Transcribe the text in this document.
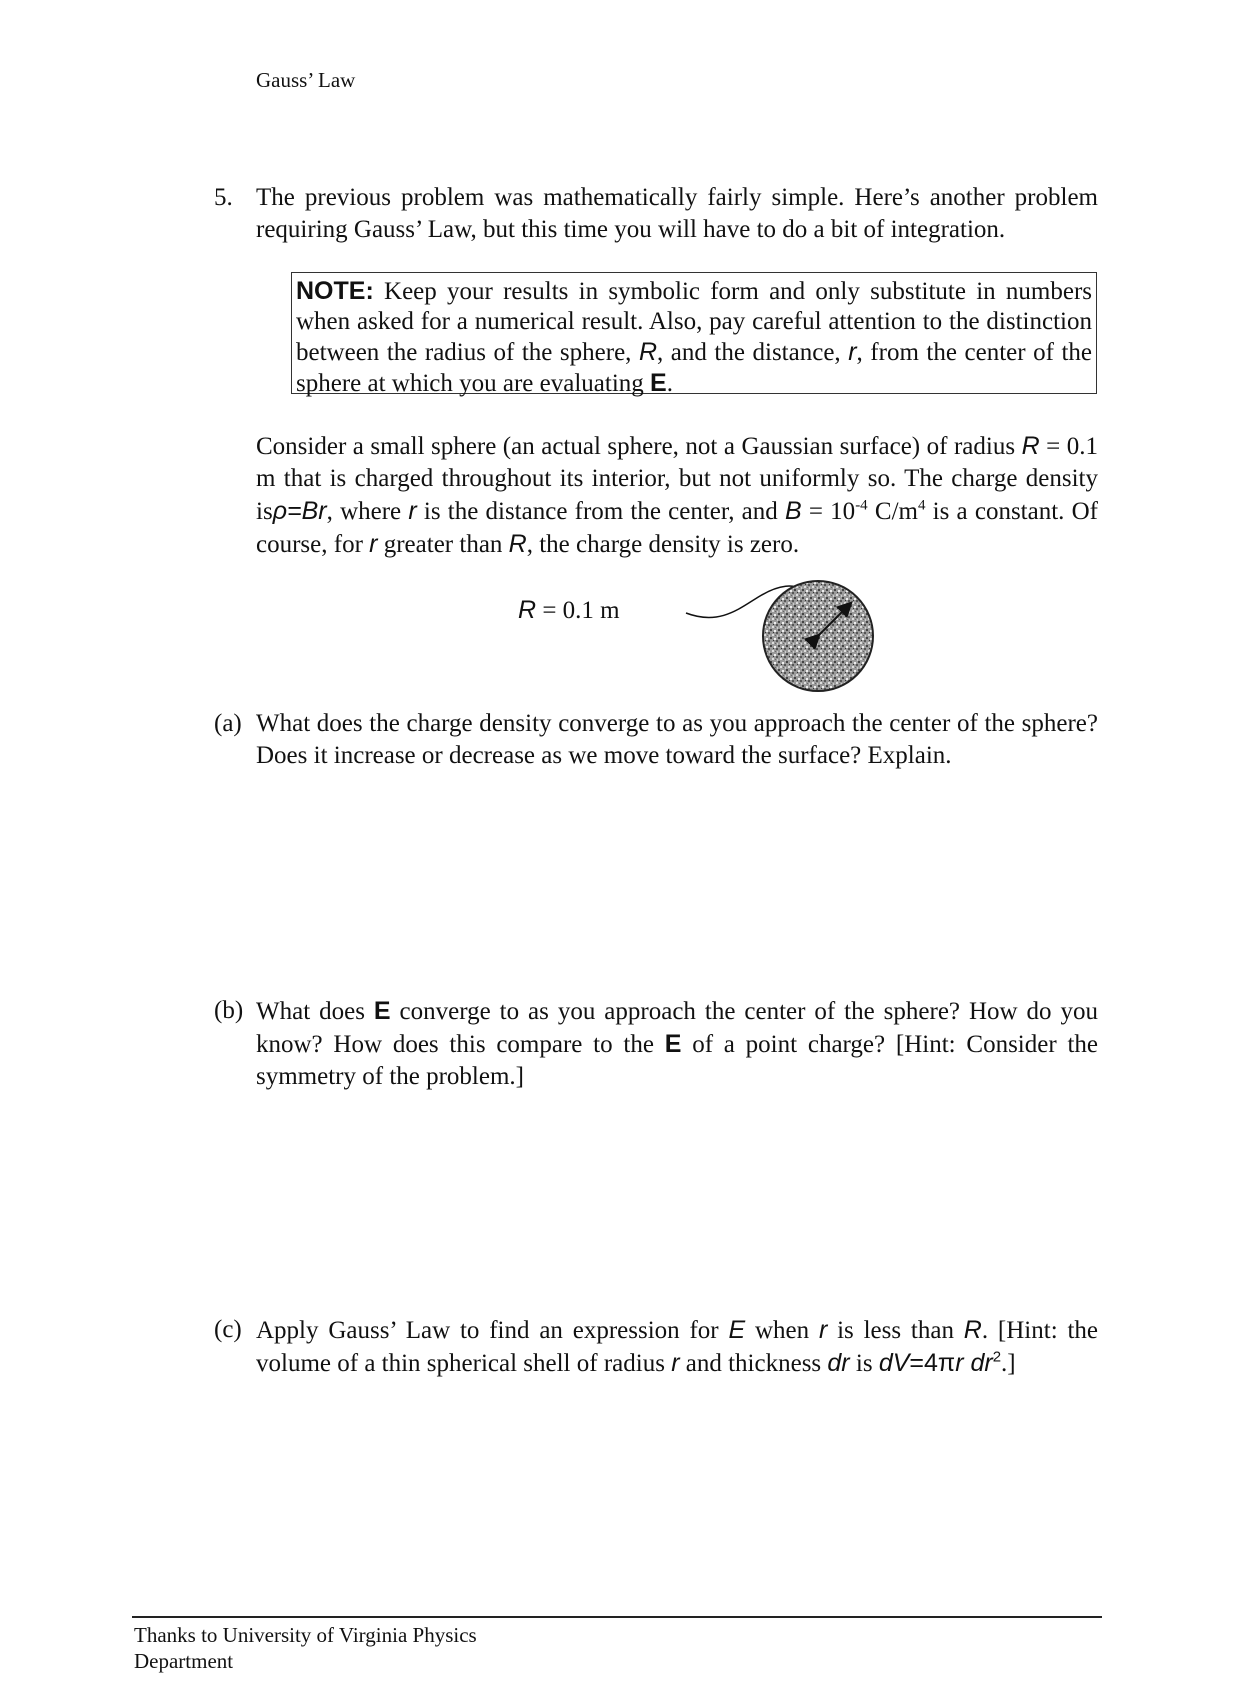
Gauss’ Law
5. The previous problem was mathematically fairly simple. Here’s another problem
requiring Gauss’ Law, but this time you will have to do a bit of integration.
NOTE: Keep your results in symbolic form and only substitute in numbers when asked for a numerical result. Also, pay careful attention to the distinction between the radius of the sphere, R, and the distance, r, from the center of the sphere at which you are evaluating E.
Consider a small sphere (an actual sphere, not a Gaussian surface) of radius R = 0.1 m that is charged throughout its interior, but not uniformly so. The charge density isρ=Br, where r is the distance from the center, and $B = 10^{-4}$ $C/m^4$ is a constant. Of course, for r greater than R, the charge density is zero.
R = 0.1 m
(a) What does the charge density converge to as you approach the center of the sphere? Does it increase or decrease as we move toward the surface? Explain.
(b) What does E converge to as you approach the center of the sphere? How do you know? How does this compare to the E of a point charge? [Hint: Consider the symmetry of the problem.]
(c) Apply Gauss’ Law to find an expression for E when r is less than R. [Hint: the volume of a thin spherical shell of radius r and thickness dr is dV=4πr $dr^2$.]
Thanks to University of Virginia Physics
Department
